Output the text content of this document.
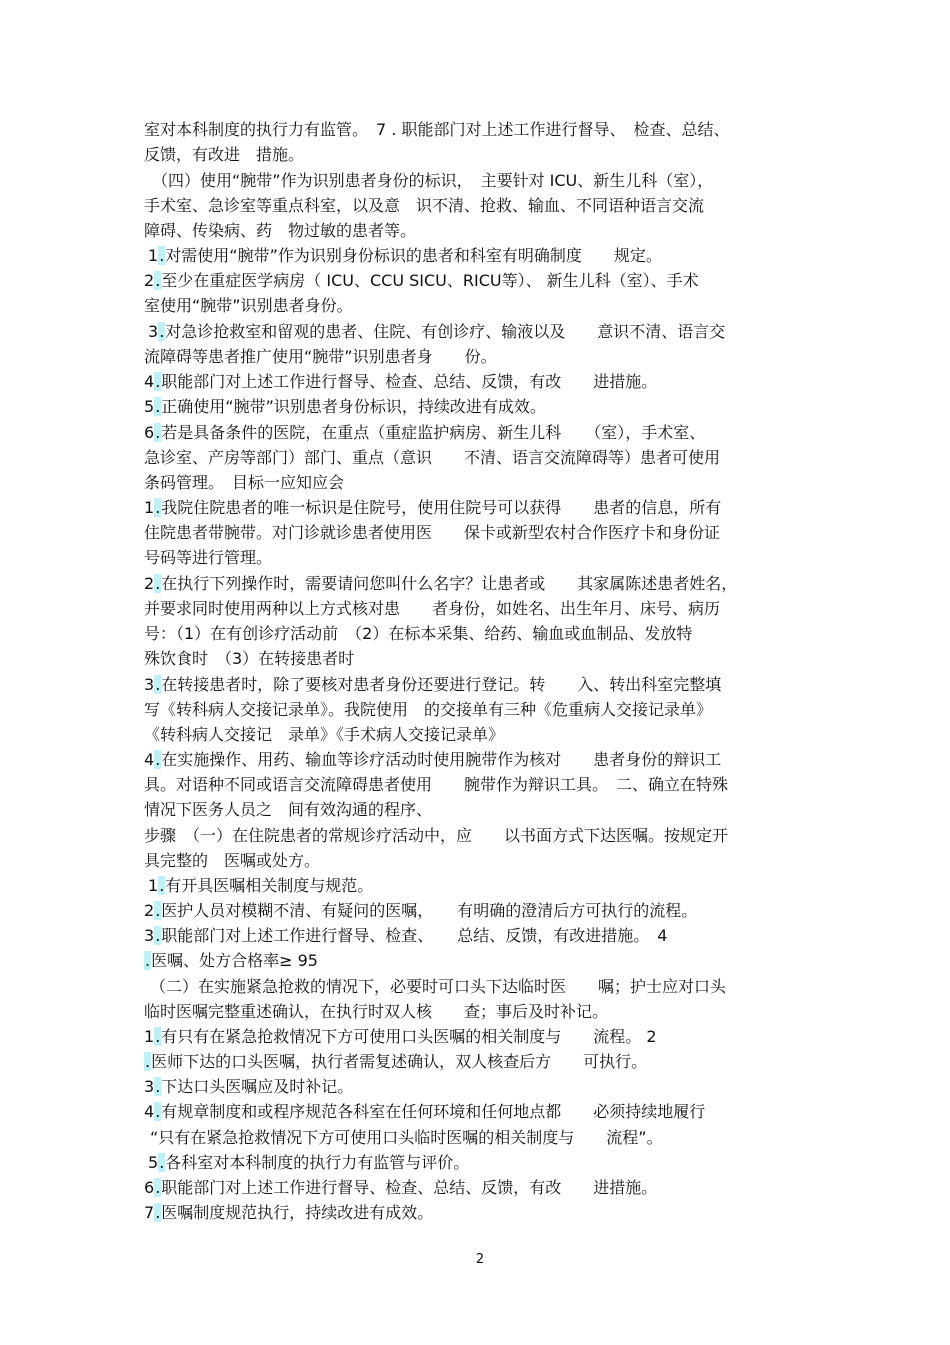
室对本科制度的执行力有监管。　7 . 职能部门对上述工作进行督导、　检查、总结、
反馈，有改进　措施。
（四）使用“腕带”作为识别患者身份的标识，　主要针对 ICU、新生儿科（室），
手术室、急诊室等重点科室，以及意　识不清、抢救、输血、不同语种语言交流
障碍、传染病、药　物过敏的患者等。
1.对需使用“腕带”作为识别身份标识的患者和科室有明确制度　　规定。
2.至少在重症医学病房（ ICU、CCU SICU、RICU等）、 新生儿科（室）、手术
室使用“腕带”识别患者身份。
3.对急诊抢救室和留观的患者、住院、有创诊疗、输液以及　　意识不清、语言交
流障碍等患者推广使用“腕带”识别患者身　　份。
4.职能部门对上述工作进行督导、检查、总结、反馈，有改　　进措施。
5.正确使用“腕带”识别患者身份标识，持续改进有成效。
6.若是具备条件的医院，在重点（重症监护病房、新生儿科　　（室），手术室、
急诊室、产房等部门）部门、重点（意识　　不清、语言交流障碍等）患者可使用
条码管理。　目标一应知应会
1.我院住院患者的唯一标识是住院号，使用住院号可以获得　　患者的信息，所有
住院患者带腕带。对门诊就诊患者使用医　　保卡或新型农村合作医疗卡和身份证
号码等进行管理。
2.在执行下列操作时，需要请问您叫什么名字？让患者或　　其家属陈述患者姓名，
并要求同时使用两种以上方式核对患　　者身份，如姓名、出生年月、床号、病历
号：（1）在有创诊疗活动前　（2）在标本采集、给药、输血或血制品、发放特
殊饮食时　（3）在转接患者时
3.在转接患者时，除了要核对患者身份还要进行登记。转　　入、转出科室完整填
写《转科病人交接记录单》。我院使用　的交接单有三种《危重病人交接记录单》
《转科病人交接记　录单》《手术病人交接记录单》
4.在实施操作、用药、输血等诊疗活动时使用腕带作为核对　　患者身份的辩识工
具。对语种不同或语言交流障碍患者使用　　腕带作为辩识工具。　二、确立在特殊
情况下医务人员之　间有效沟通的程序、
步骤　（一）在住院患者的常规诊疗活动中，应　　以书面方式下达医嘱。按规定开
具完整的　医嘱或处方。
1.有开具医嘱相关制度与规范。
2.医护人员对模糊不清、有疑问的医嘱，　　有明确的澄清后方可执行的流程。
3.职能部门对上述工作进行督导、检查、　　总结、反馈，有改进措施。　4
.医嘱、处方合格率≥ 95
（二）在实施紧急抢救的情况下，必要时可口头下达临时医　　嘱；护士应对口头
临时医嘱完整重述确认，在执行时双人核　　查；事后及时补记。
1.有只有在紧急抢救情况下方可使用口头医嘱的相关制度与　　流程。 2
.医师下达的口头医嘱，执行者需复述确认，双人核查后方　　可执行。
3.下达口头医嘱应及时补记。
4.有规章制度和或程序规范各科室在任何环境和任何地点都　　必须持续地履行
“只有在紧急抢救情况下方可使用口头临时医嘱的相关制度与　　流程”。
5.各科室对本科制度的执行力有监管与评价。
6.职能部门对上述工作进行督导、检查、总结、反馈，有改　　进措施。
7.医嘱制度规范执行，持续改进有成效。
2
